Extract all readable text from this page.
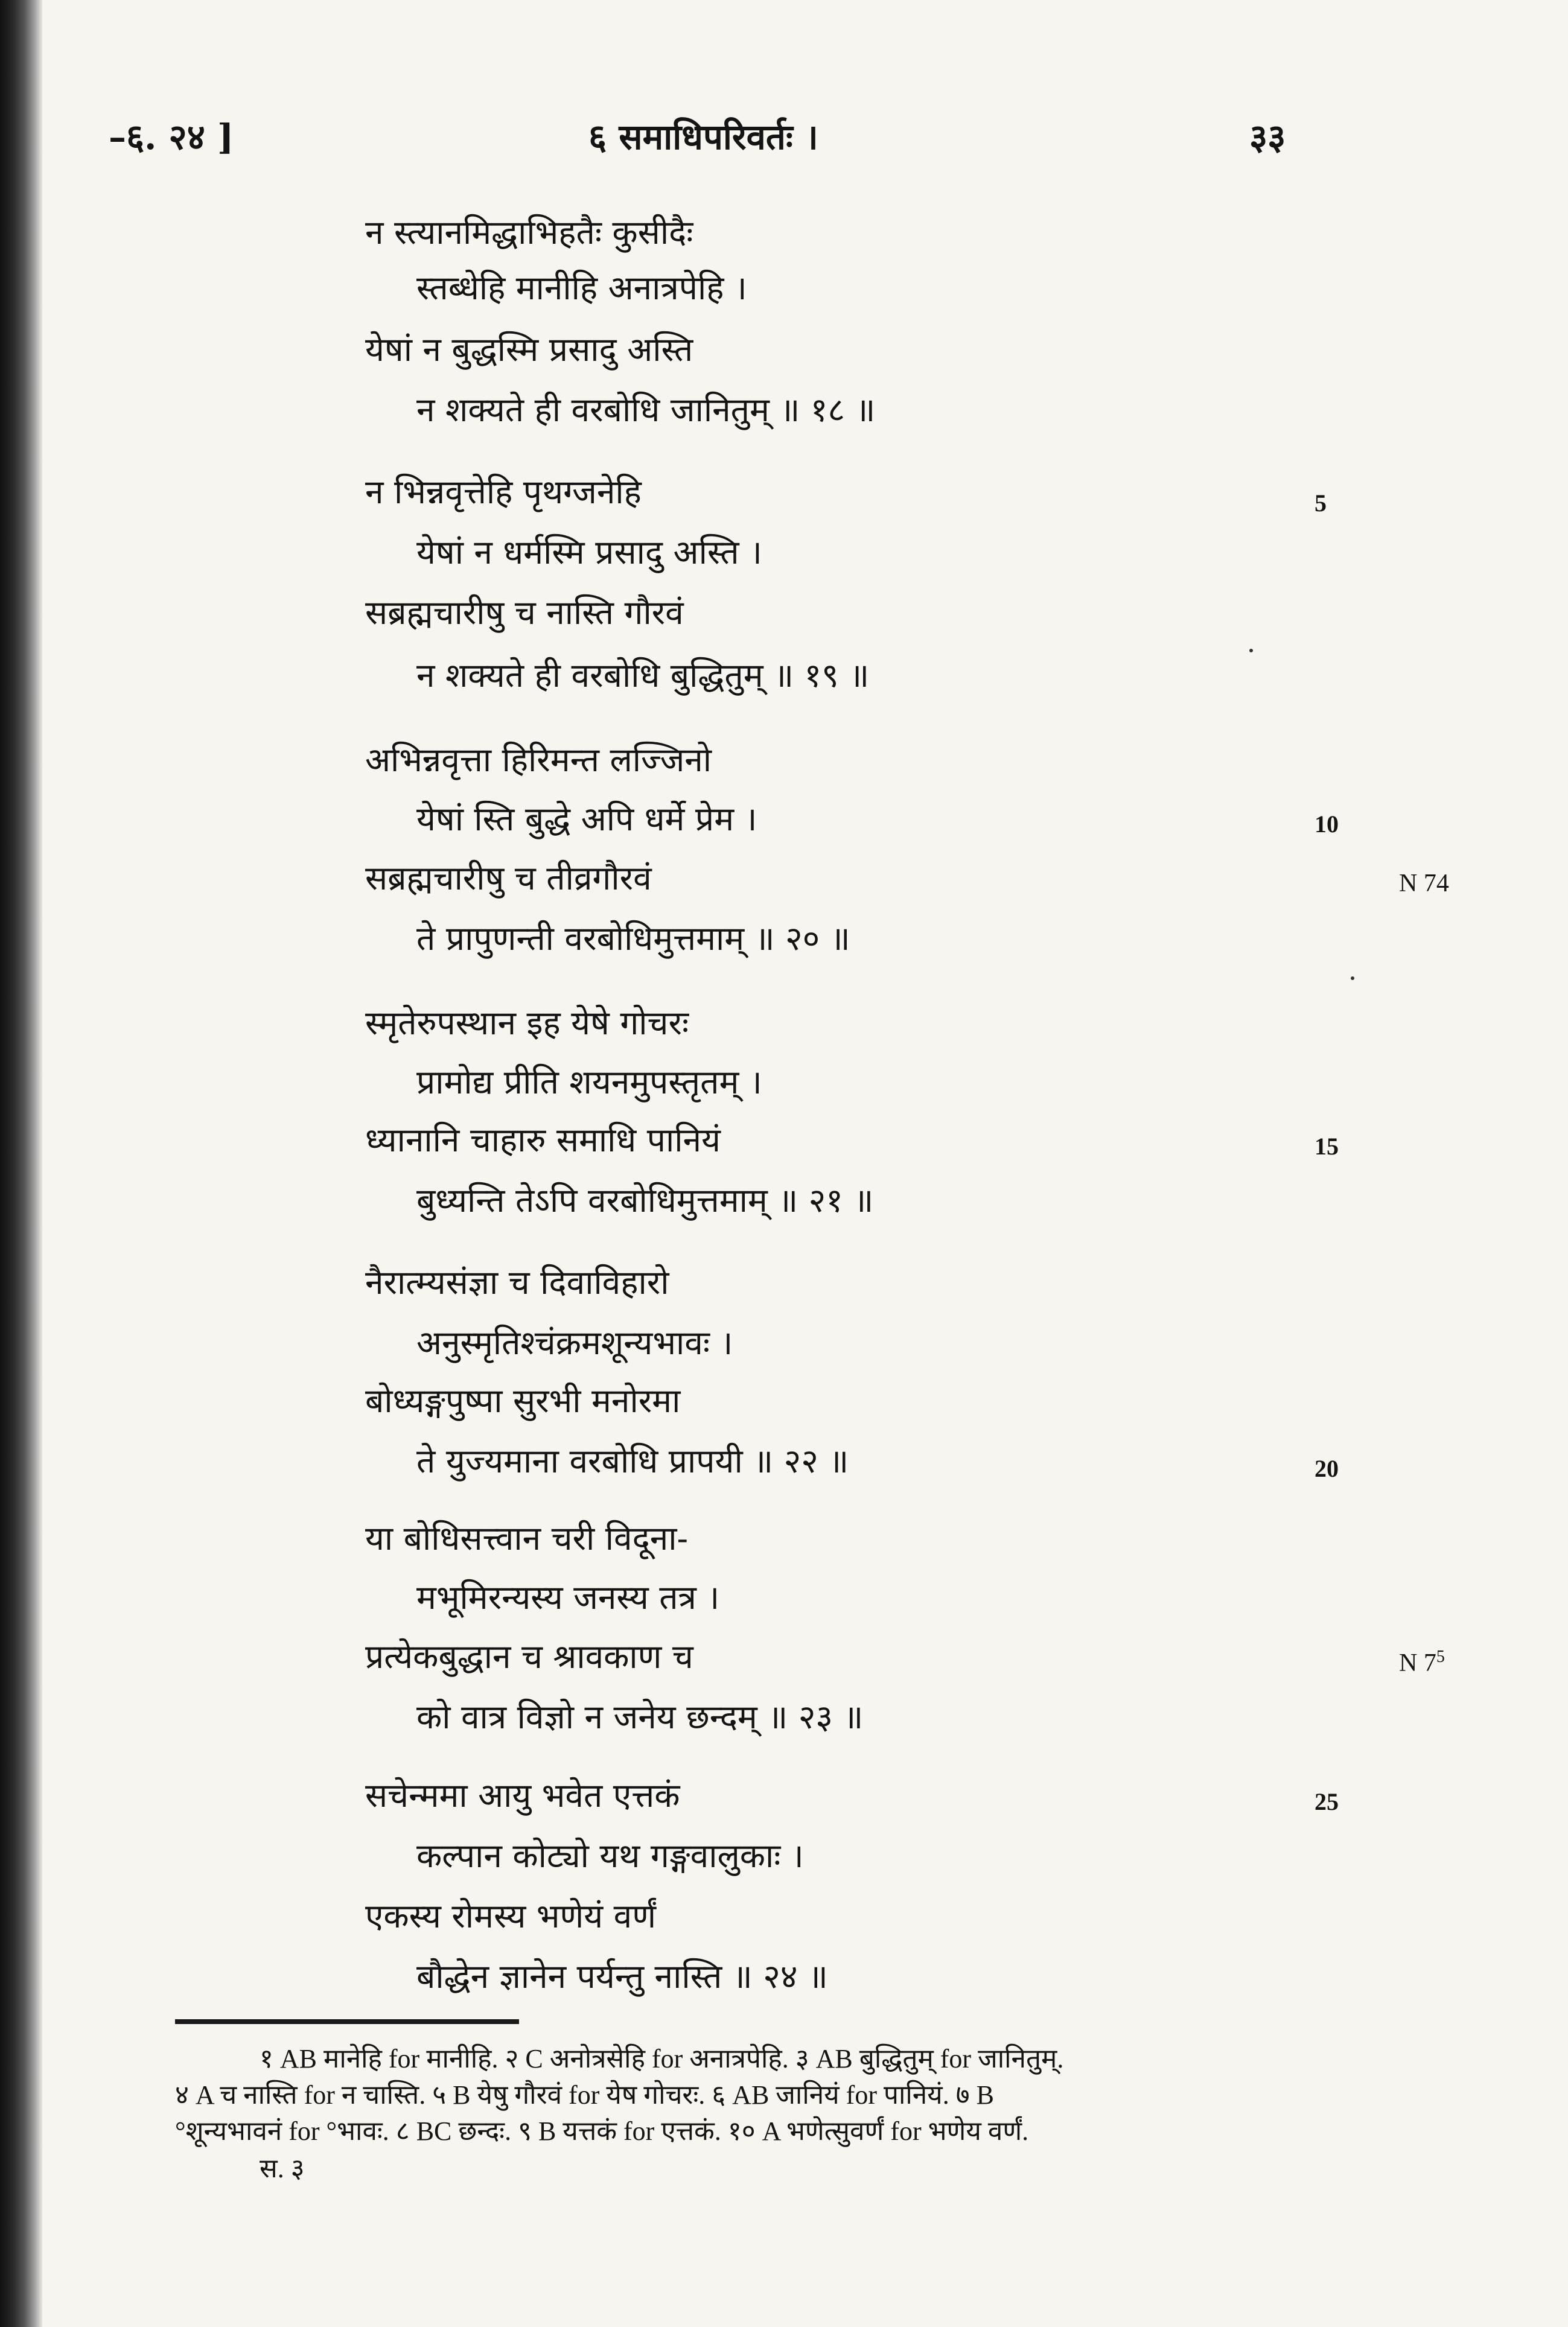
–६. २४ ]	६ समाधिपरिवर्तः ।	३३
न स्त्यानमिद्धाभिहतैः कुसीदैः
स्तब्धेहि मानीहि अनात्रपेहि ।
येषां न बुद्धस्मि प्रसादु अस्ति
न शक्यते ही वरबोधि जानितुम् ॥ १८ ॥
न भिन्नवृत्तेहि पृथग्जनेहि
येषां न धर्मस्मि प्रसादु अस्ति ।
सब्रह्मचारीषु च नास्ति गौरवं
न शक्यते ही वरबोधि बुद्धितुम् ॥ १९ ॥
अभिन्नवृत्ता हिरिमन्त लज्जिनो
येषां स्ति बुद्धे अपि धर्मे प्रेम ।
सब्रह्मचारीषु च तीव्रगौरवं
ते प्रापुणन्ती वरबोधिमुत्तमाम् ॥ २० ॥
स्मृतेरुपस्थान इह येषे गोचरः
प्रामोद्य प्रीति शयनमुपस्तृतम् ।
ध्यानानि चाहारु समाधि पानियं
बुध्यन्ति तेऽपि वरबोधिमुत्तमाम् ॥ २१ ॥
नैरात्म्यसंज्ञा च दिवाविहारो
अनुस्मृतिश्चंक्रमशून्यभावः ।
बोध्यङ्गपुष्पा सुरभी मनोरमा
ते युज्यमाना वरबोधि प्रापयी ॥ २२ ॥
या बोधिसत्त्वान चरी विदूना-
मभूमिरन्यस्य जनस्य तत्र ।
प्रत्येकबुद्धान च श्रावकाण च
को वात्र विज्ञो न जनेय छन्दम् ॥ २३ ॥
सचेन्ममा आयु भवेत एत्तकं
कल्पान कोट्यो यथ गङ्गवालुकाः ।
एकस्य रोमस्य भणेयं वर्णं
बौद्धेन ज्ञानेन पर्यन्तु नास्ति ॥ २४ ॥
5
10
15
20
25
N 74
N $7^5$
१ AB मानेहि for मानीहि. २ C अनोत्रसेहि for अनात्रपेहि. ३ AB बुद्धितुम् for जानितुम्.
४ A च नास्ति for न चास्ति. ५ B येषु गौरवं for येष गोचरः. ६ AB जानियं for पानियं. ७ B
°शून्यभावनं for °भावः. ८ BC छन्दः. ९ B यत्तकं for एत्तकं. १० A भणेत्सुवर्णं for भणेय वर्णं.
स. ३
